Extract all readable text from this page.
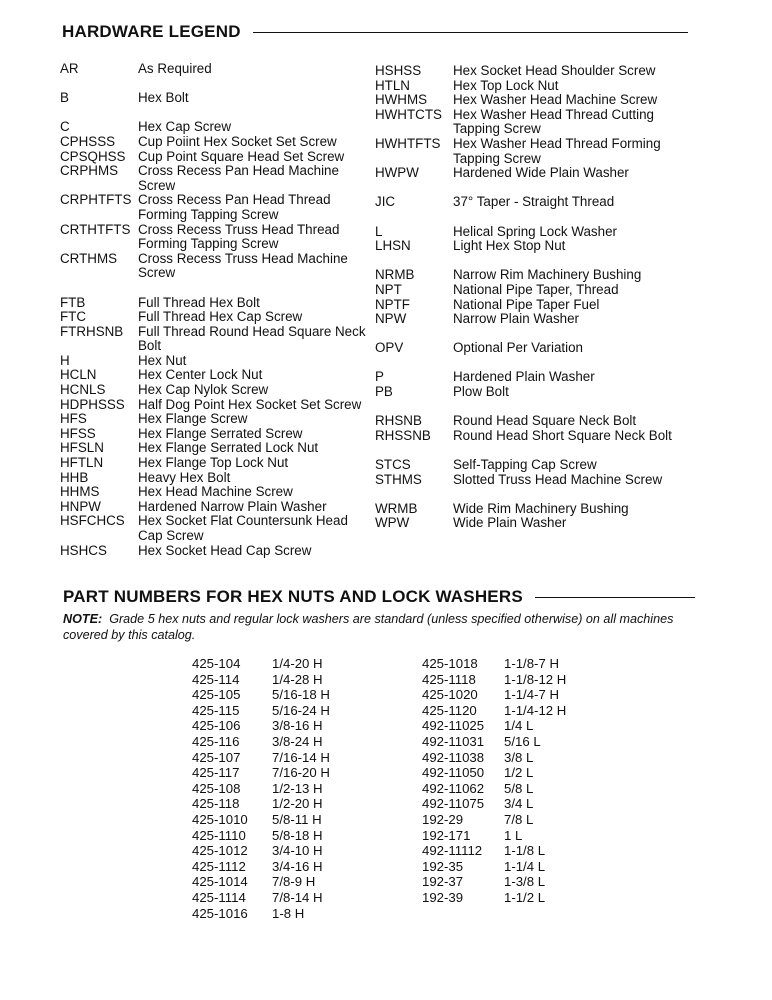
HARDWARE LEGEND
AR	As Required
B	Hex Bolt
C	Hex Cap Screw
CPHSSS	Cup Poiint Hex Socket Set Screw
CPSQHSS Cup Point Square Head Set Screw
CRPHMS	Cross Recess Pan Head Machine Screw
CRPHTFTS Cross Recess Pan Head Thread Forming Tapping Screw
CRTHTFTS Cross Recess Truss Head Thread Forming Tapping Screw
CRTHMS	Cross Recess Truss Head Machine Screw
FTB	Full Thread Hex Bolt
FTC	Full Thread Hex Cap Screw
FTRHSNB	Full Thread Round Head Square Neck Bolt
H	Hex Nut
HCLN	Hex Center Lock Nut
HCNLS	Hex Cap Nylok Screw
HDPHSSS Half Dog Point Hex Socket Set Screw
HFS	Hex Flange Screw
HFSS	Hex Flange Serrated Screw
HFSLN	Hex Flange Serrated Lock Nut
HFTLN	Hex Flange Top Lock Nut
HHB	Heavy Hex Bolt
HHMS	Hex Head Machine Screw
HNPW	Hardened Narrow Plain Washer
HSFCHCS Hex Socket Flat Countersunk Head Cap Screw
HSHCS	Hex Socket Head Cap Screw
HSHSS	Hex Socket Head Shoulder Screw
HTLN	Hex Top Lock Nut
HWHMS	Hex Washer Head Machine Screw
HWHTCTS Hex Washer Head Thread Cutting Tapping Screw
HWHTFTS Hex Washer Head Thread Forming Tapping Screw
HWPW	Hardened Wide Plain Washer
JIC	37° Taper - Straight Thread
L	Helical Spring Lock Washer
LHSN	Light Hex Stop Nut
NRMB	Narrow Rim Machinery Bushing
NPT	National Pipe Taper, Thread
NPTF	National Pipe Taper Fuel
NPW	Narrow Plain Washer
OPV	Optional Per Variation
P	Hardened Plain Washer
PB	Plow Bolt
RHSNB	Round Head Square Neck Bolt
RHSSNB	Round Head Short Square Neck Bolt
STCS	Self-Tapping Cap Screw
STHMS	Slotted Truss Head Machine Screw
WRMB	Wide Rim Machinery Bushing
WPW	Wide Plain Washer
PART NUMBERS FOR HEX NUTS AND LOCK WASHERS
NOTE: Grade 5 hex nuts and regular lock washers are standard (unless specified otherwise) on all machines covered by this catalog.
425-104	1/4-20 H
425-114	1/4-28 H
425-105	5/16-18 H
425-115	5/16-24 H
425-106	3/8-16 H
425-116	3/8-24 H
425-107	7/16-14 H
425-117	7/16-20 H
425-108	1/2-13 H
425-118	1/2-20 H
425-1010	5/8-11 H
425-1110	5/8-18 H
425-1012	3/4-10 H
425-1112	3/4-16 H
425-1014	7/8-9 H
425-1114	7/8-14 H
425-1016	1-8 H
425-1018	1-1/8-7 H
425-1118	1-1/8-12 H
425-1020	1-1/4-7 H
425-1120	1-1/4-12 H
492-11025	1/4 L
492-11031	5/16 L
492-11038	3/8 L
492-11050	1/2 L
492-11062	5/8 L
492-11075	3/4 L
192-29	7/8 L
192-171	1 L
492-11112	1-1/8 L
192-35	1-1/4 L
192-37	1-3/8 L
192-39	1-1/2 L
